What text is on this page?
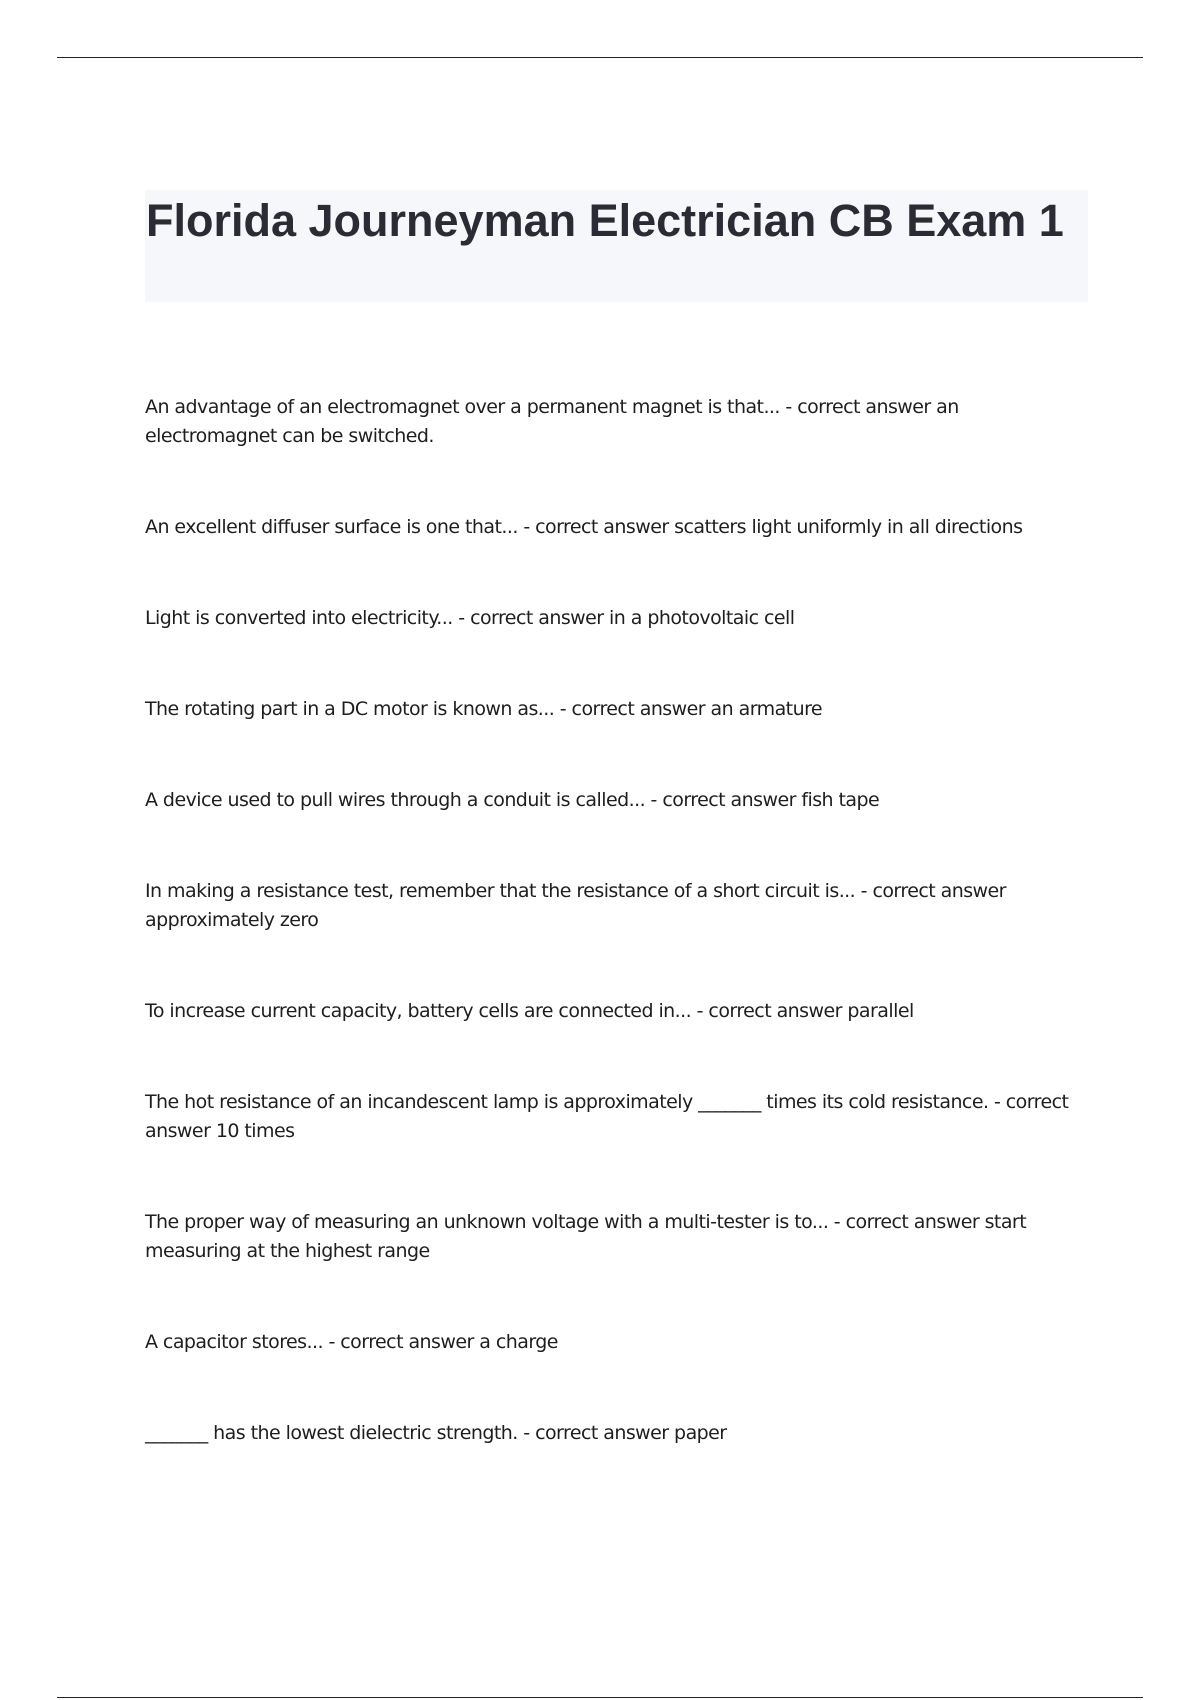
Florida Journeyman Electrician CB Exam 1

An advantage of an electromagnet over a permanent magnet is that... - correct answer an electromagnet can be switched.

An excellent diffuser surface is one that... - correct answer scatters light uniformly in all directions

Light is converted into electricity... - correct answer in a photovoltaic cell

The rotating part in a DC motor is known as... - correct answer an armature

A device used to pull wires through a conduit is called... - correct answer fish tape

In making a resistance test, remember that the resistance of a short circuit is... - correct answer approximately zero

To increase current capacity, battery cells are connected in... - correct answer parallel

The hot resistance of an incandescent lamp is approximately _______ times its cold resistance. - correct answer 10 times

The proper way of measuring an unknown voltage with a multi-tester is to... - correct answer start measuring at the highest range

A capacitor stores... - correct answer a charge

_______ has the lowest dielectric strength. - correct answer paper
